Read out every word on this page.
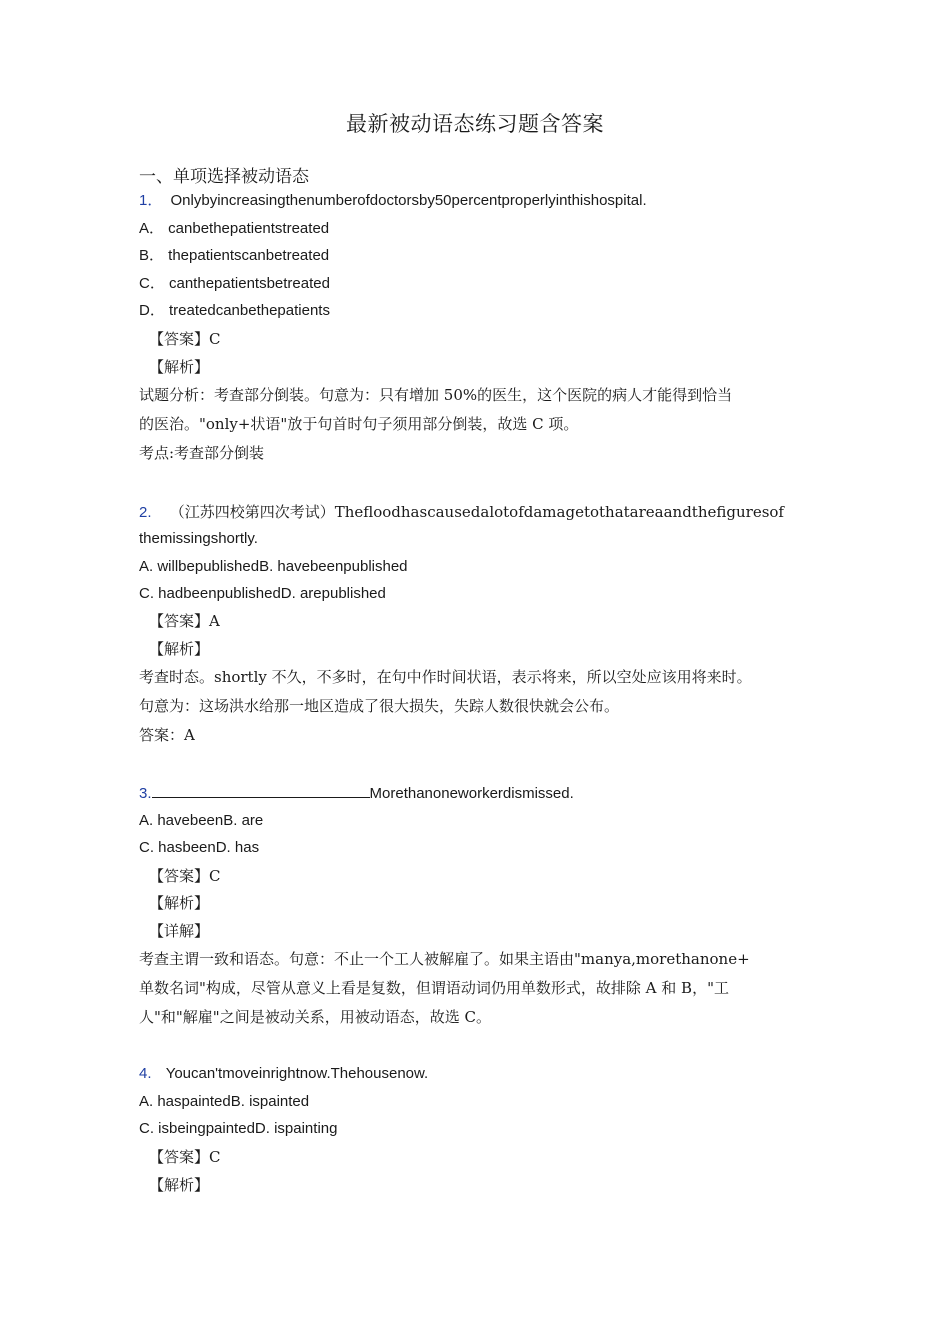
最新被动语态练习题含答案
一、单项选择被动语态
1． Onlybyincreasingthenumberofdoctorsby50percentproperlyinthishospital.
A． canbethepatientstreated
B． thepatientscanbetreated
C． canthepatientsbetreated
D． treatedcanbethepatients
【答案】C
【解析】
试题分析：考查部分倒装。句意为：只有增加 50%的医生，这个医院的病人才能得到恰当
的医治。"only+状语"放于句首时句子须用部分倒装，故选 C 项。
考点:考查部分倒装
2. （江苏四校第四次考试）Thefloodhascausedalotofdamagetothatareaandthefiguresof
themissingshortly.
A. willbepublishedB. havebeenpublished
C. hadbeenpublishedD. arepublished
【答案】A
【解析】
考查时态。shortly 不久，不多时，在句中作时间状语，表示将来，所以空处应该用将来时。
句意为：这场洪水给那一地区造成了很大损失，失踪人数很快就会公布。
答案：A
3.	Morethanoneworkerdismissed.
A. havebeenB. are
C. hasbeenD. has
【答案】C
【解析】
【详解】
考查主谓一致和语态。句意：不止一个工人被解雇了。如果主语由"manya,morethanone+
单数名词"构成，尽管从意义上看是复数，但谓语动词仍用单数形式，故排除 A 和 B，"工
人"和"解雇"之间是被动关系，用被动语态，故选 C。
4. Youcan'tmoveinrightnow.Thehousenow.
A. haspaintedB. ispainted
C. isbeingpaintedD. ispainting
【答案】C
【解析】
